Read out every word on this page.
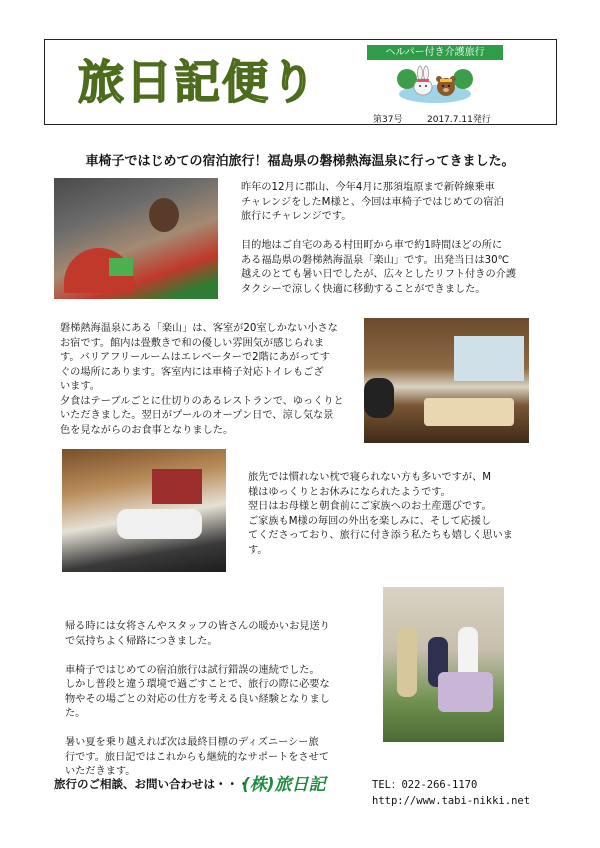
旅日記便り
ヘルパー付き介護旅行
第37号	2017.7.11発行
車椅子ではじめての宿泊旅行！福島県の磐梯熱海温泉に行ってきました。
昨年の12月に郡山、今年4月に那須塩原まで新幹線乗車
チャレンジをしたM様と、今回は車椅子ではじめての宿泊
旅行にチャレンジです。

目的地はご自宅のある村田町から車で約1時間ほどの所に
ある福島県の磐梯熱海温泉「楽山」です。出発当日は30℃
越えのとても暑い日でしたが、広々としたリフト付きの介護
タクシーで涼しく快適に移動することができました。
磐梯熱海温泉にある「楽山」は、客室が20室しかない小さな
お宿です。館内は畳敷きで和の優しい雰囲気が感じられま
す。バリアフリールームはエレベーターで2階にあがってす
ぐの場所にあります。客室内には車椅子対応トイレもござ
います。
夕食はテーブルごとに仕切りのあるレストランで、ゆっくりと
いただきました。翌日がプールのオープン日で、涼し気な景
色を見ながらのお食事となりました。
旅先では慣れない枕で寝られない方も多いですが、M
様はゆっくりとお休みになられたようです。
翌日はお母様と朝食前にご家族へのお土産選びです。
ご家族もM様の毎回の外出を楽しみに、そして応援し
てくださっており、旅行に付き添う私たちも嬉しく思いま
す。
帰る時には女将さんやスタッフの皆さんの暖かいお見送り
で気持ちよく帰路につきました。

車椅子ではじめての宿泊旅行は試行錯誤の連続でした。
しかし普段と違う環境で過ごすことで、旅行の際に必要な
物やその場ごとの対応の仕方を考える良い経験となりまし
た。

暑い夏を乗り越えれば次は最終目標のディズニーシー旅
行です。旅日記ではこれからも継続的なサポートをさせて
いただきます。
旅行のご相談、お問い合わせは・・・
(株)旅日記	TEL：022-266-1170
http://www.tabi-nikki.net
